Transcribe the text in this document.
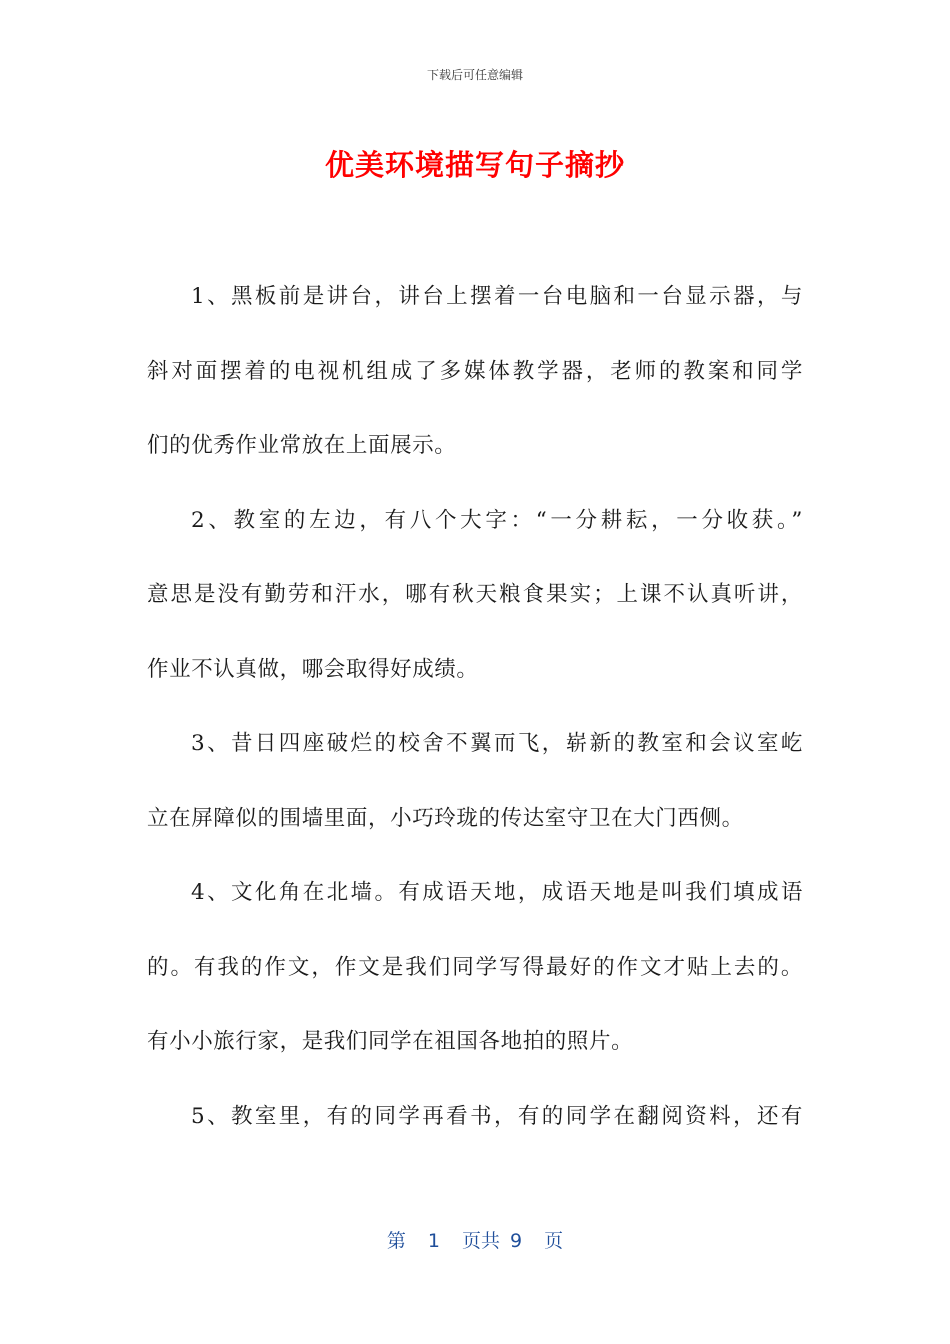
下载后可任意编辑
优美环境描写句子摘抄
1、黑板前是讲台，讲台上摆着一台电脑和一台显示器，与
斜对面摆着的电视机组成了多媒体教学器，老师的教案和同学
们的优秀作业常放在上面展示。
2、教室的左边，有八个大字：“一分耕耘，一分收获。”
意思是没有勤劳和汗水，哪有秋天粮食果实；上课不认真听讲，
作业不认真做，哪会取得好成绩。
3、昔日四座破烂的校舍不翼而飞，崭新的教室和会议室屹
立在屏障似的围墙里面，小巧玲珑的传达室守卫在大门西侧。
4、文化角在北墙。有成语天地，成语天地是叫我们填成语
的。有我的作文，作文是我们同学写得最好的作文才贴上去的。
有小小旅行家，是我们同学在祖国各地拍的照片。
5、教室里，有的同学再看书，有的同学在翻阅资料，还有
第 1 页共 9 页
